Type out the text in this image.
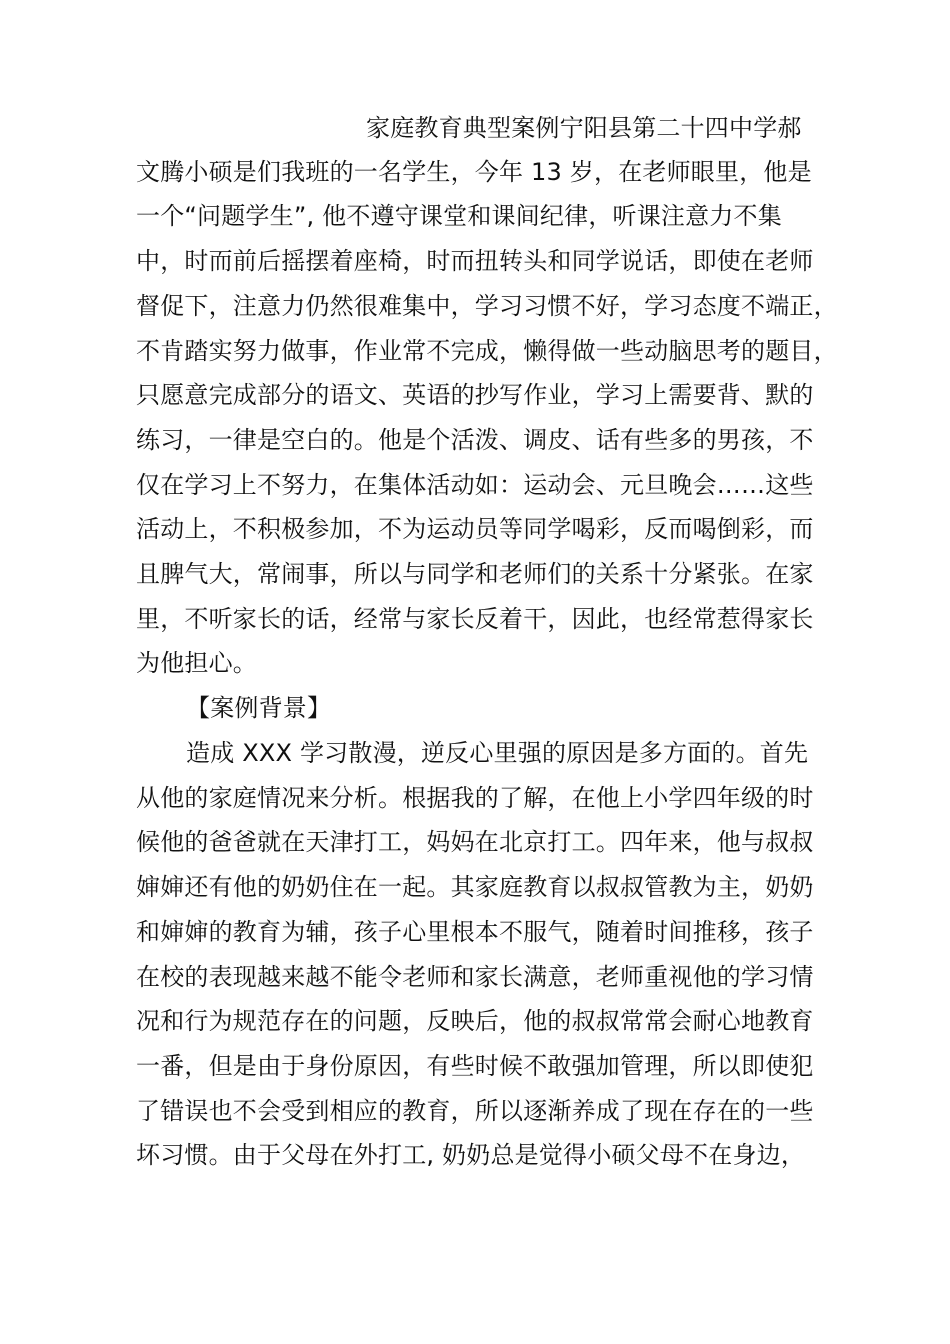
家庭教育典型案例宁阳县第二十四中学郝
文腾小硕是们我班的一名学生，今年 13 岁，在老师眼里，他是
一个“问题学生”, 他不遵守课堂和课间纪律，听课注意力不集
中，时而前后摇摆着座椅，时而扭转头和同学说话，即使在老师
督促下，注意力仍然很难集中，学习习惯不好，学习态度不端正，
不肯踏实努力做事，作业常不完成，懒得做一些动脑思考的题目，
只愿意完成部分的语文、英语的抄写作业，学习上需要背、默的
练习，一律是空白的。他是个活泼、调皮、话有些多的男孩，不
仅在学习上不努力，在集体活动如：运动会、元旦晚会……这些
活动上，不积极参加，不为运动员等同学喝彩，反而喝倒彩，而
且脾气大，常闹事，所以与同学和老师们的关系十分紧张。在家
里，不听家长的话，经常与家长反着干，因此，也经常惹得家长
为他担心。
【案例背景】
造成 XXX 学习散漫，逆反心里强的原因是多方面的。首先
从他的家庭情况来分析。根据我的了解，在他上小学四年级的时
候他的爸爸就在天津打工，妈妈在北京打工。四年来，他与叔叔
婶婶还有他的奶奶住在一起。其家庭教育以叔叔管教为主，奶奶
和婶婶的教育为辅，孩子心里根本不服气，随着时间推移，孩子
在校的表现越来越不能令老师和家长满意，老师重视他的学习情
况和行为规范存在的问题，反映后，他的叔叔常常会耐心地教育
一番，但是由于身份原因，有些时候不敢强加管理，所以即使犯
了错误也不会受到相应的教育，所以逐渐养成了现在存在的一些
坏习惯。由于父母在外打工, 奶奶总是觉得小硕父母不在身边，
